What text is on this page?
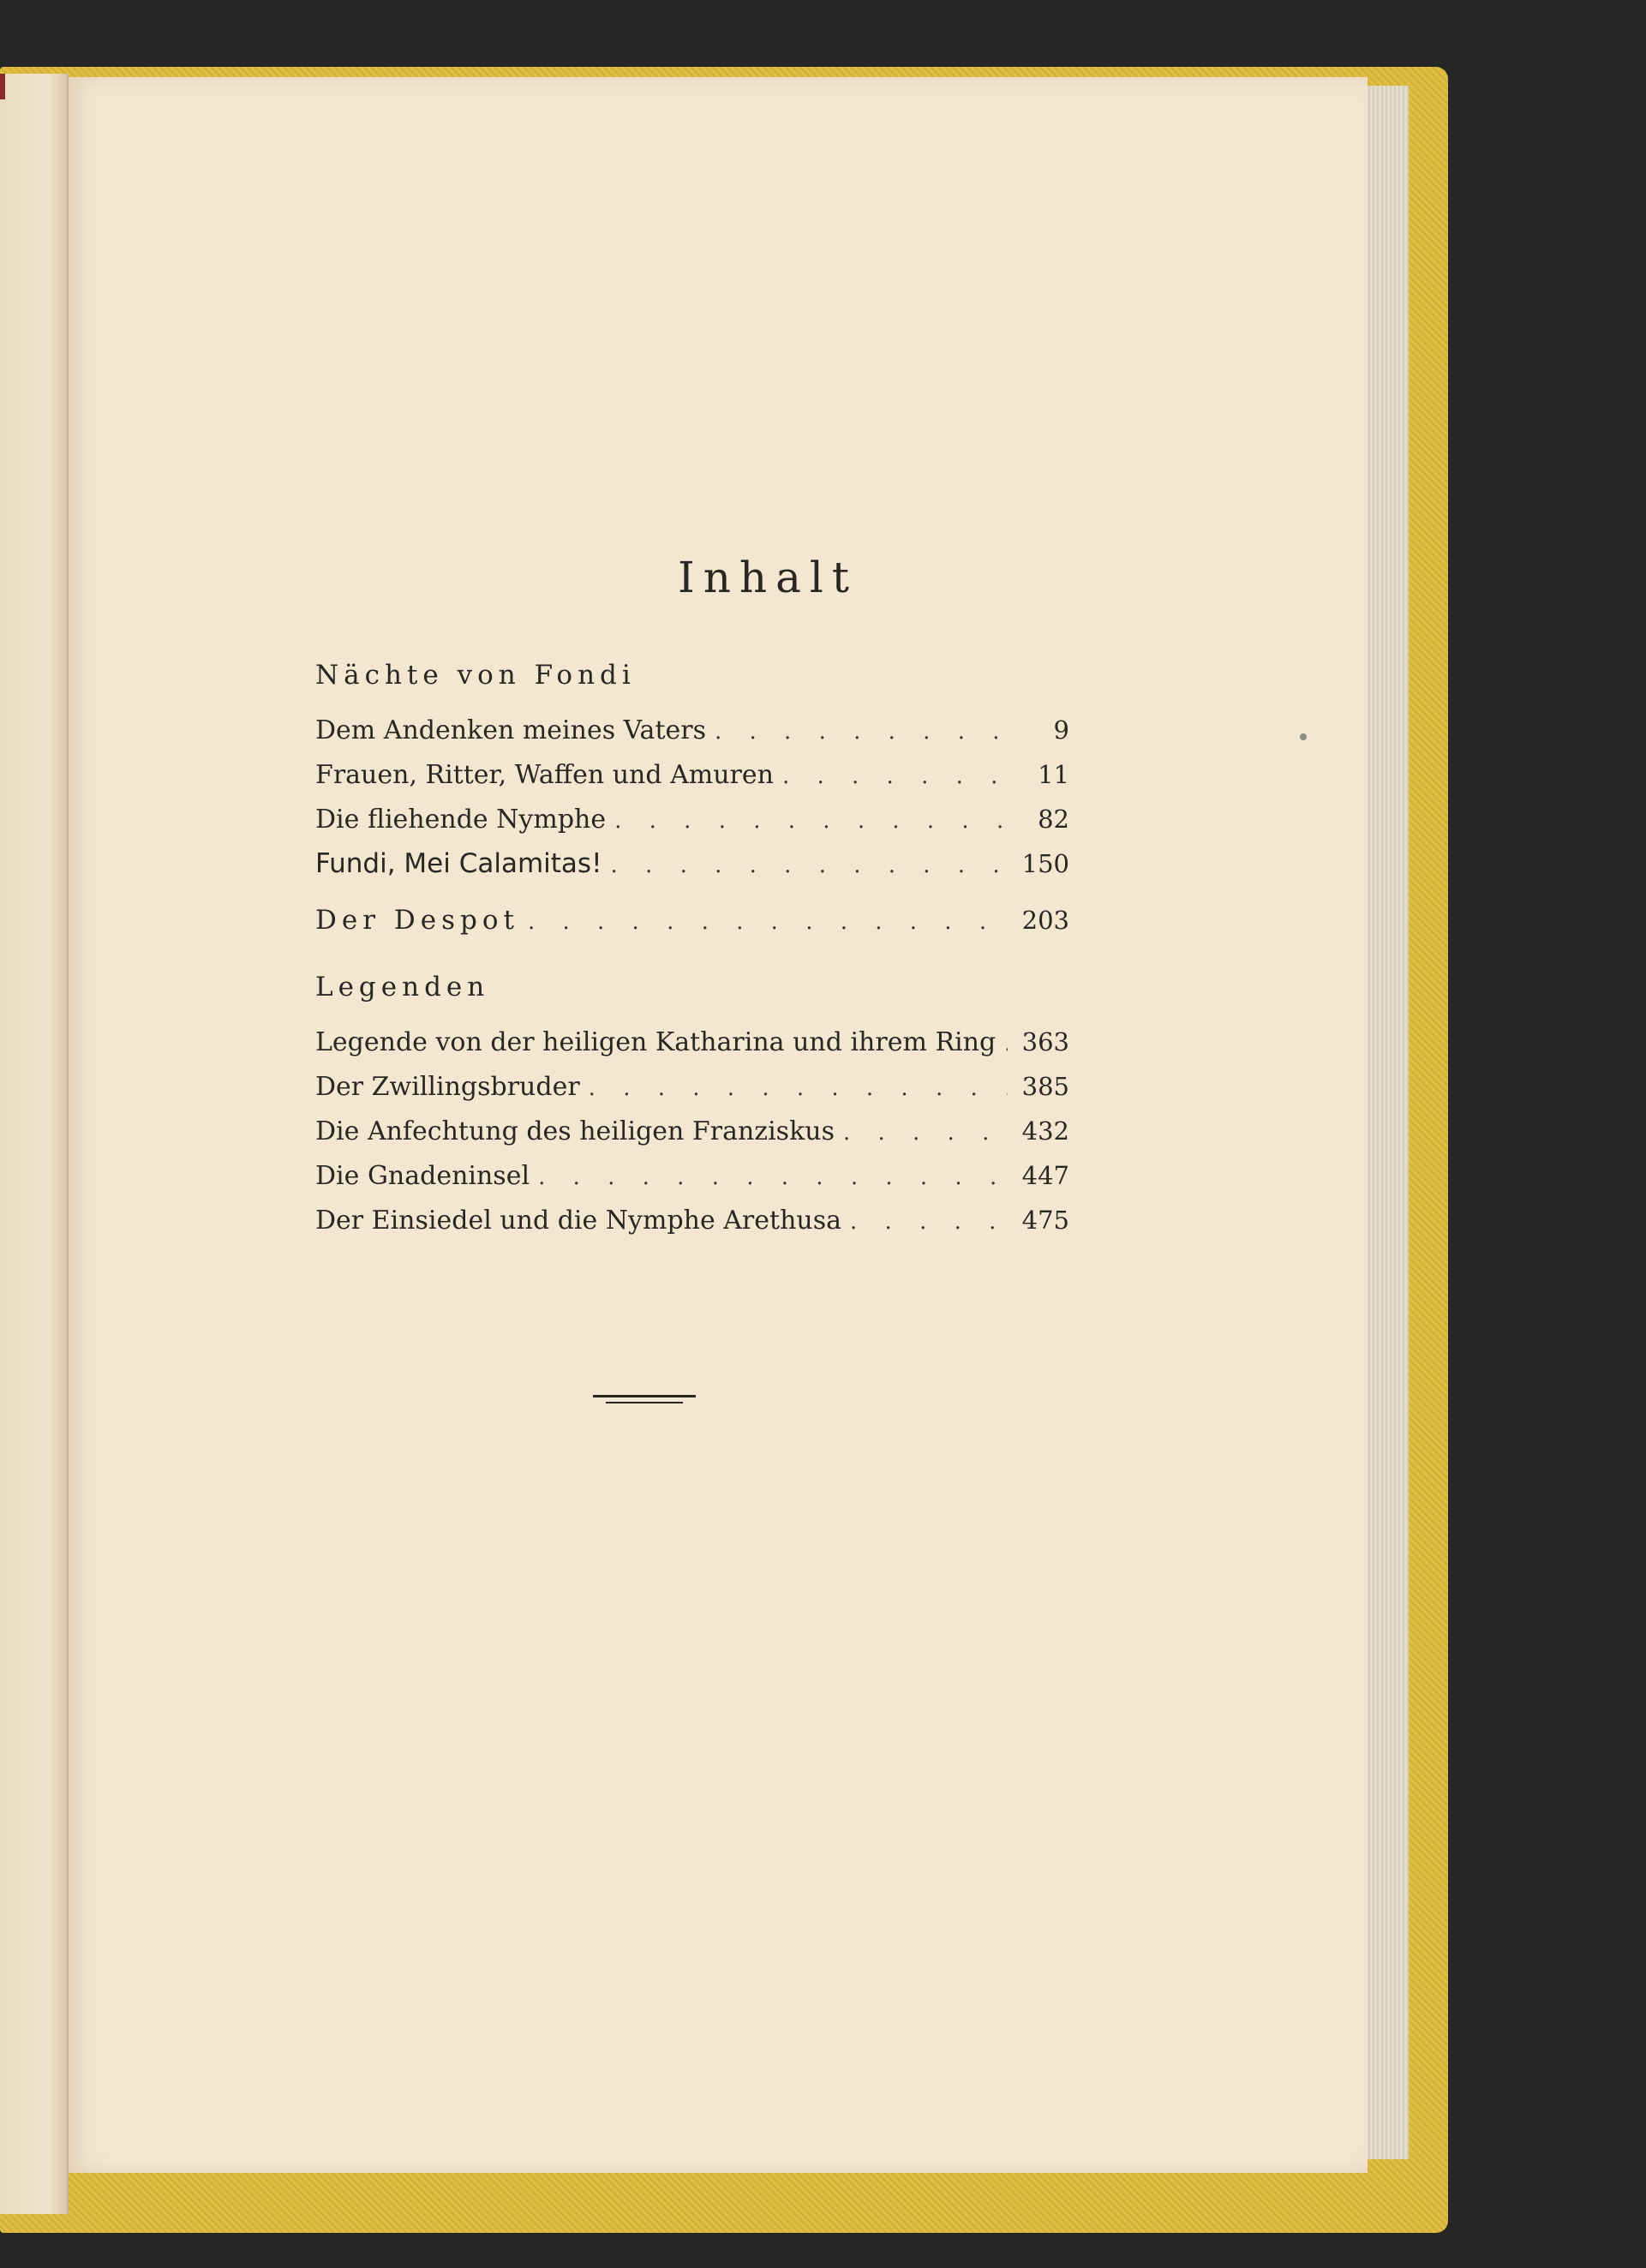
Inhalt
Nächte von Fondi
Dem Andenken meines Vaters . . .	9
Frauen, Ritter, Waffen und Amuren . . .	11
Die fliehende Nymphe . . .	82
Fundi, Mei Calamitas! . . .	150
Der Despot . . .	203
Legenden
Legende von der heiligen Katharina und ihrem Ring . . . 363
Der Zwillingsbruder . . .	385
Die Anfechtung des heiligen Franziskus . . .	432
Die Gnadeninsel . . .	447
Der Einsiedel und die Nymphe Arethusa . . .	475
